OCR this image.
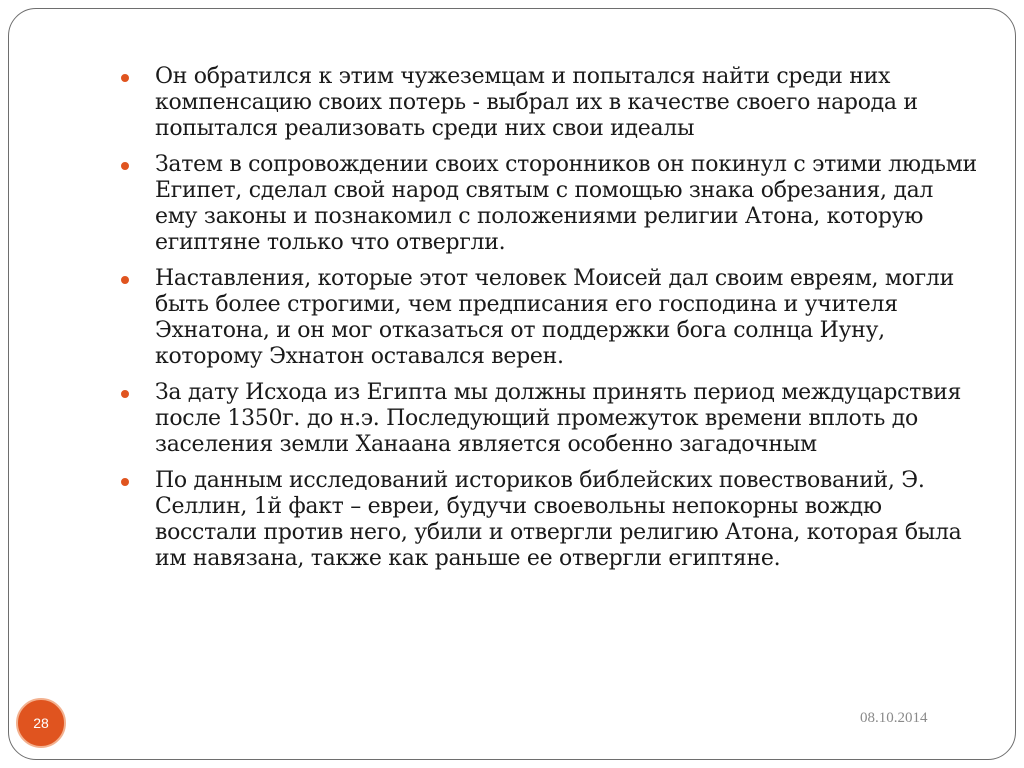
Он обратился к этим чужеземцам и попытался найти среди них компенсацию своих потерь - выбрал их в качестве своего народа и попытался реализовать среди них свои идеалы
Затем в сопровождении своих сторонников он покинул с этими людьми Египет, сделал свой народ святым с помощью знака обрезания, дал ему законы и познакомил с положениями религии Атона, которую египтяне только что отвергли.
Наставления, которые этот человек Моисей дал своим евреям, могли быть более строгими, чем предписания его господина и учителя Эхнатона, и он мог отказаться от поддержки бога солнца Иуну, которому Эхнатон оставался верен.
За дату Исхода из Египта мы должны принять период междуцарствия после 1350г. до н.э. Последующий промежуток времени вплоть до заселения земли Ханаана является особенно загадочным
По данным исследований историков библейских повествований, Э. Селлин, 1й факт – евреи, будучи своевольны непокорны вождю восстали против него, убили и отвергли религию Атона, которая была им навязана, также как раньше ее отвергли египтяне.
28	08.10.2014
